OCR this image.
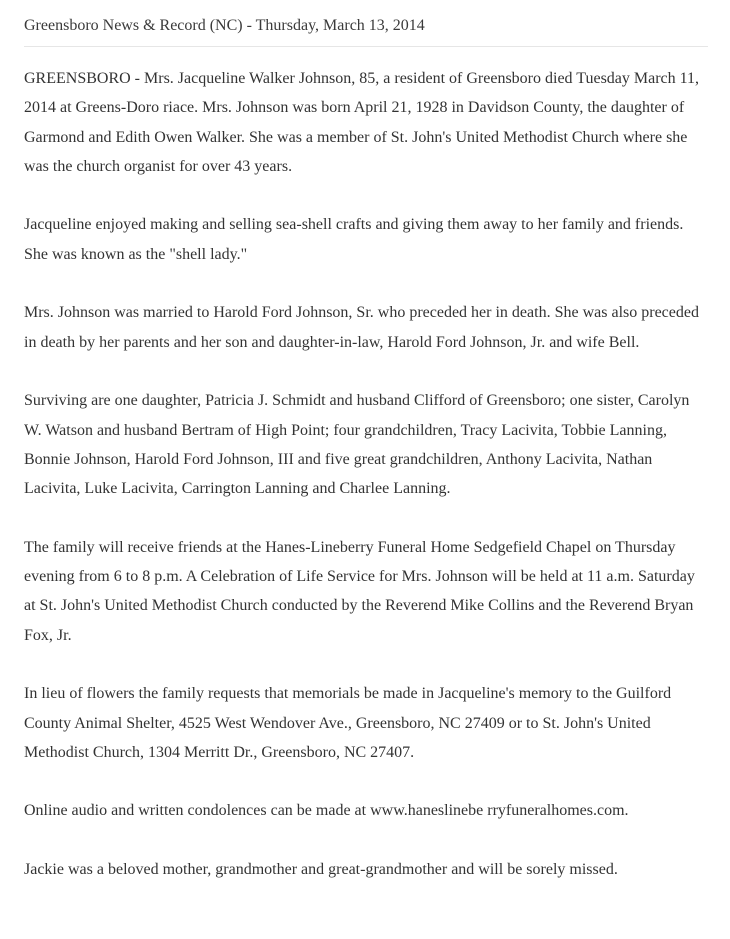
Greensboro News & Record (NC) - Thursday, March 13, 2014

GREENSBORO - Mrs. Jacqueline Walker Johnson, 85, a resident of Greensboro died Tuesday March 11, 2014 at Greens-Doro riace. Mrs. Johnson was born April 21, 1928 in Davidson County, the daughter of Garmond and Edith Owen Walker. She was a member of St. John's United Methodist Church where she was the church organist for over 43 years.

Jacqueline enjoyed making and selling sea-shell crafts and giving them away to her family and friends. She was known as the "shell lady."

Mrs. Johnson was married to Harold Ford Johnson, Sr. who preceded her in death. She was also preceded in death by her parents and her son and daughter-in-law, Harold Ford Johnson, Jr. and wife Bell.

Surviving are one daughter, Patricia J. Schmidt and husband Clifford of Greensboro; one sister, Carolyn W. Watson and husband Bertram of High Point; four grandchildren, Tracy Lacivita, Tobbie Lanning, Bonnie Johnson, Harold Ford Johnson, III and five great grandchildren, Anthony Lacivita, Nathan Lacivita, Luke Lacivita, Carrington Lanning and Charlee Lanning.

The family will receive friends at the Hanes-Lineberry Funeral Home Sedgefield Chapel on Thursday evening from 6 to 8 p.m. A Celebration of Life Service for Mrs. Johnson will be held at 11 a.m. Saturday at St. John's United Methodist Church conducted by the Reverend Mike Collins and the Reverend Bryan Fox, Jr.

In lieu of flowers the family requests that memorials be made in Jacqueline's memory to the Guilford County Animal Shelter, 4525 West Wendover Ave., Greensboro, NC 27409 or to St. John's United Methodist Church, 1304 Merritt Dr., Greensboro, NC 27407.

Online audio and written condolences can be made at www.haneslinebe rryfuneralhomes.com.

Jackie was a beloved mother, grandmother and great-grandmother and will be sorely missed.
